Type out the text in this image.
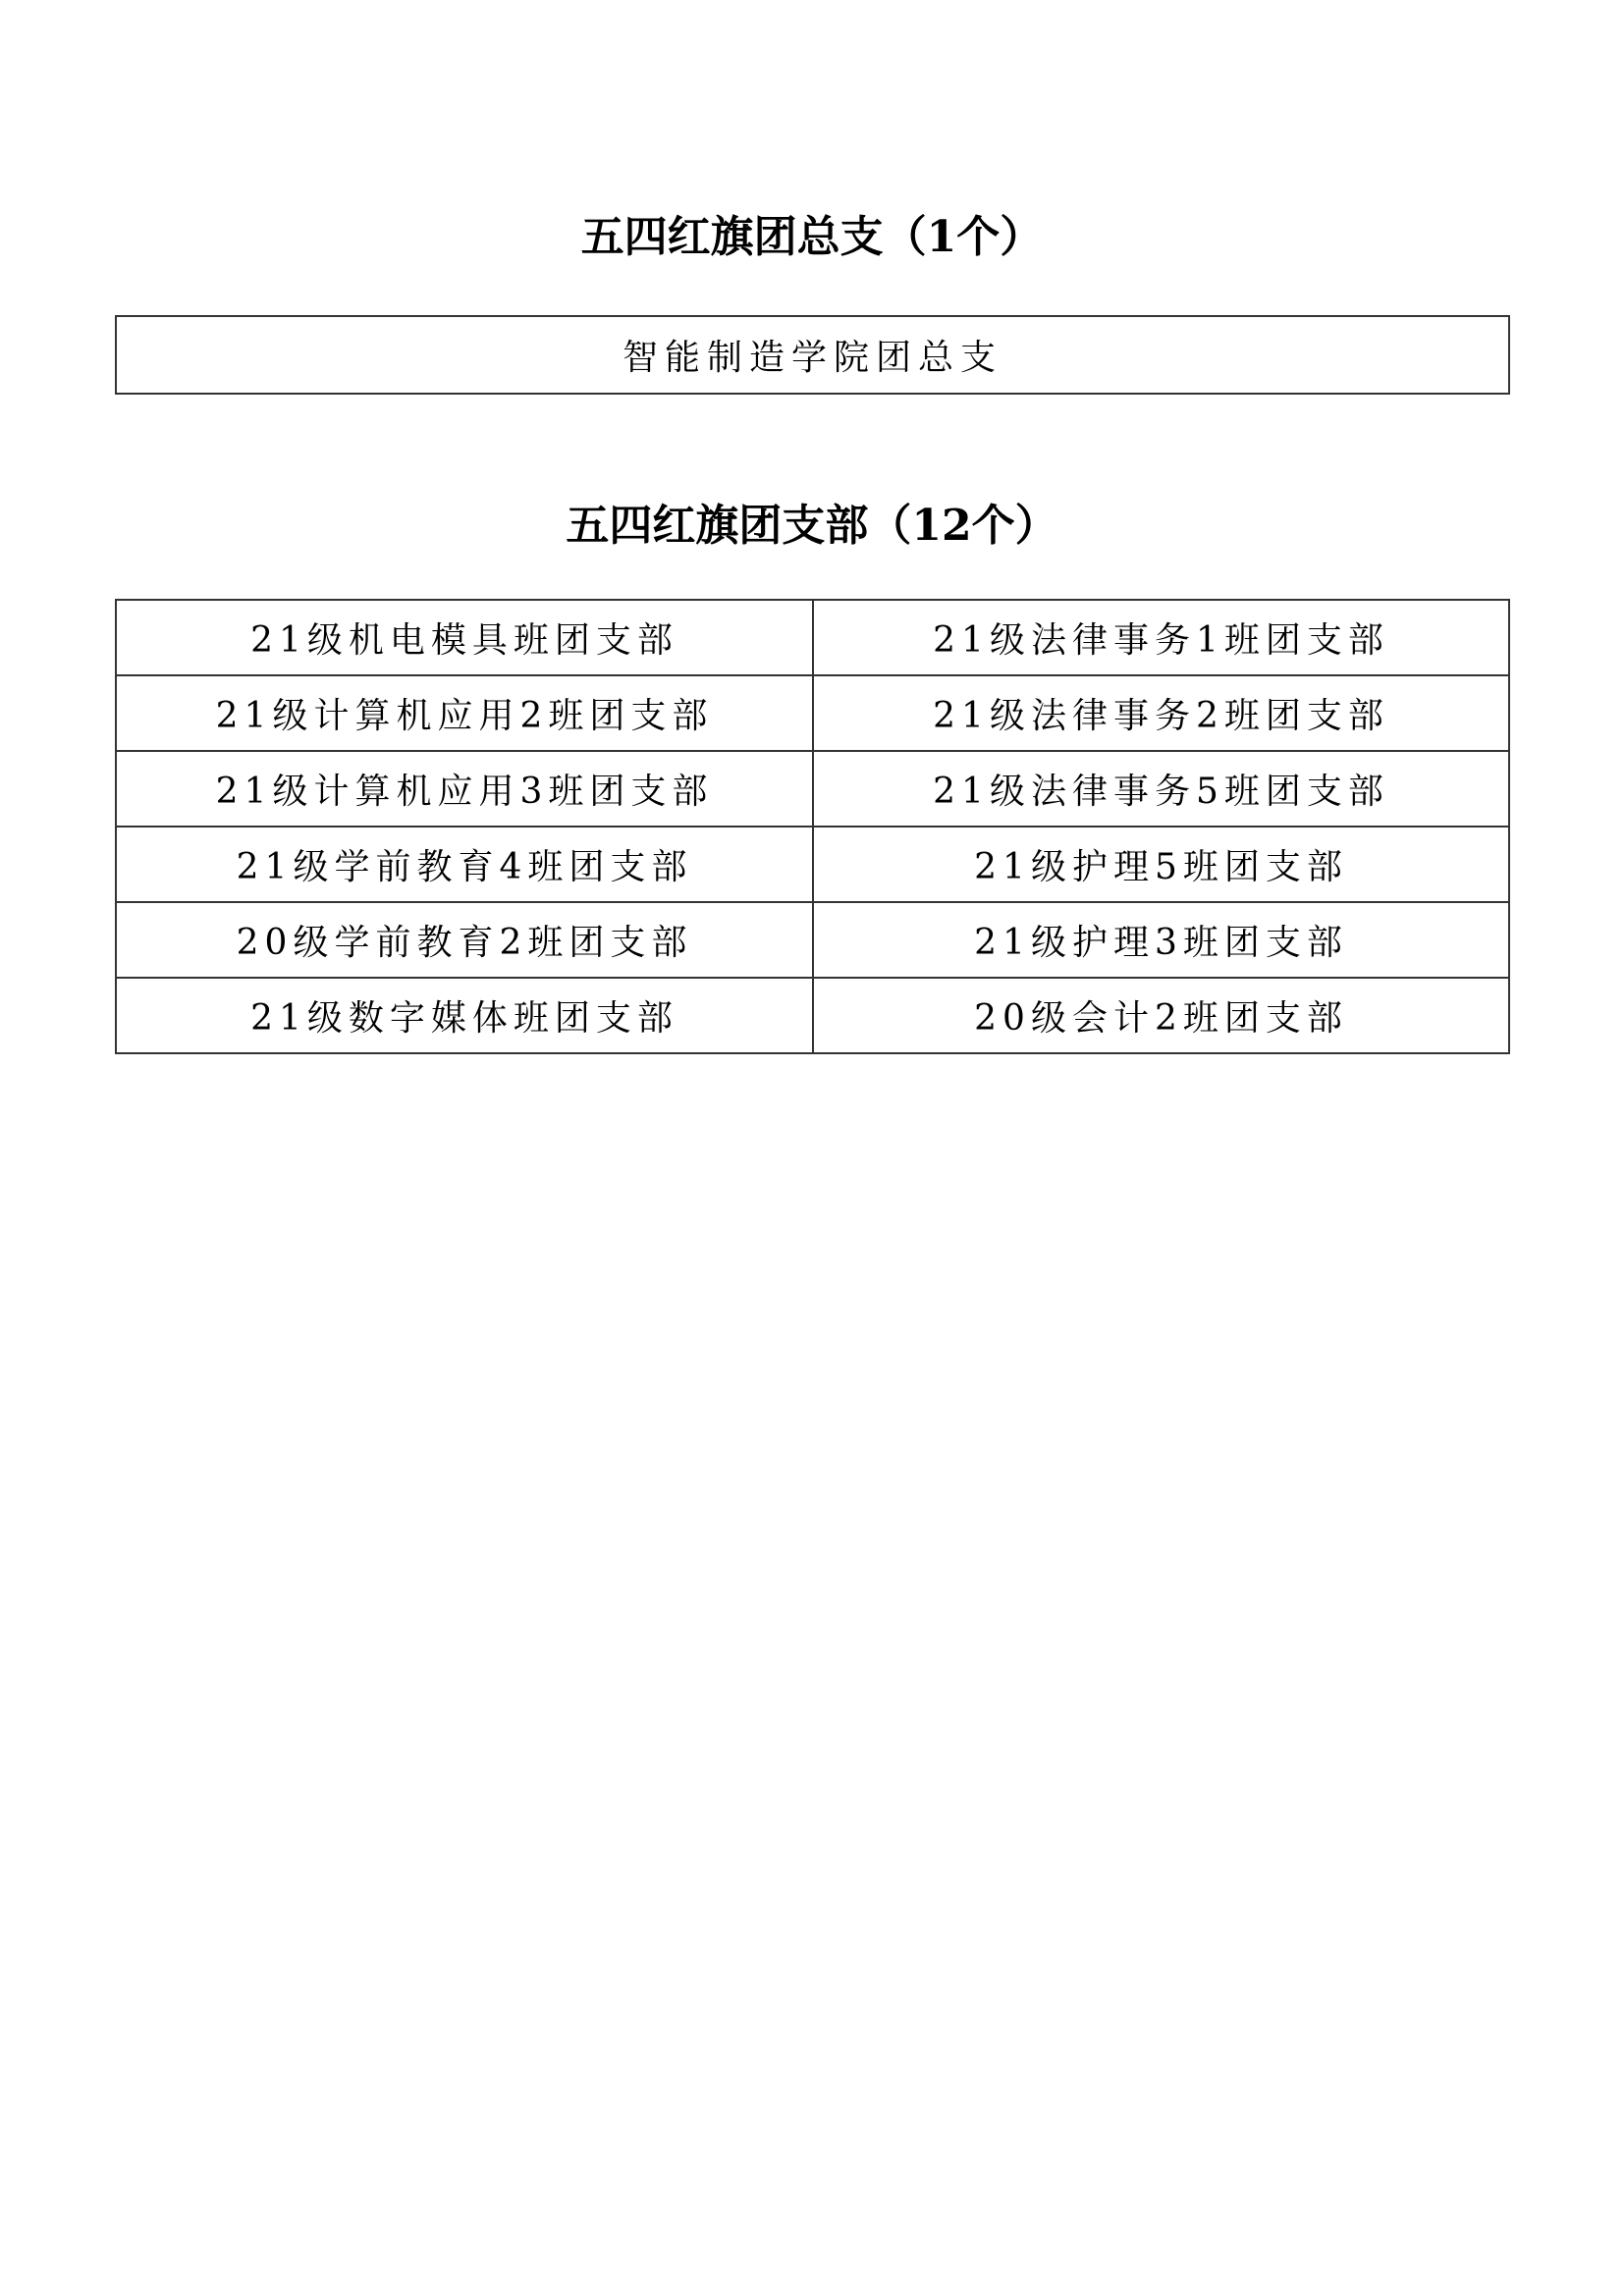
五四红旗团总支（1个）
智能制造学院团总支
五四红旗团支部（12个）
21级机电模具班团支部	21级法律事务1班团支部
21级计算机应用2班团支部	21级法律事务2班团支部
21级计算机应用3班团支部	21级法律事务5班团支部
21级学前教育4班团支部	21级护理5班团支部
20级学前教育2班团支部	21级护理3班团支部
21级数字媒体班团支部	20级会计2班团支部
